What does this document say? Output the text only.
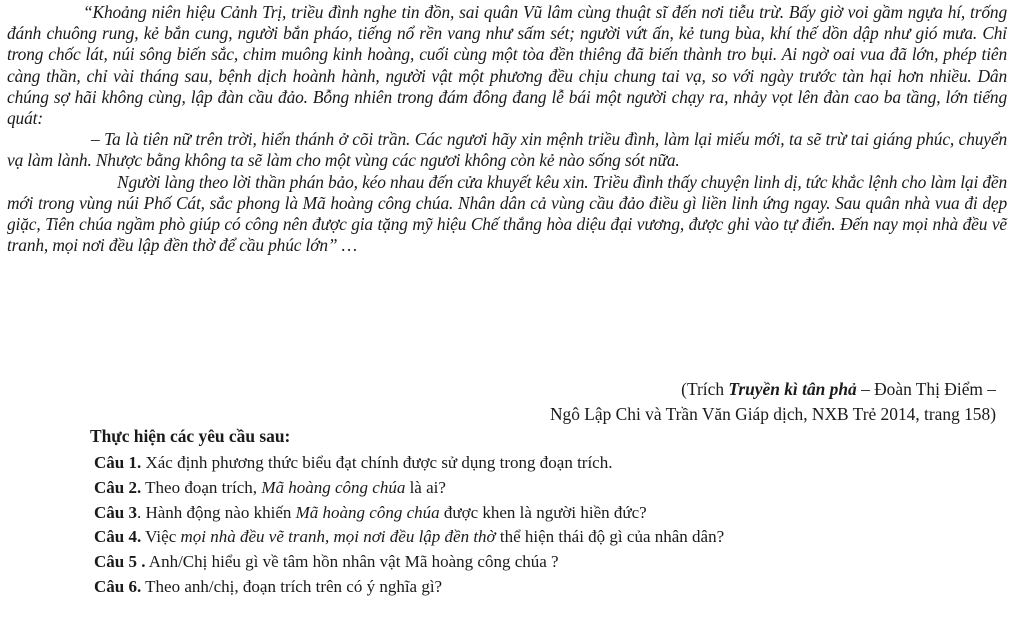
“Khoảng niên hiệu Cảnh Trị, triều đình nghe tin đồn, sai quân Vũ lâm cùng thuật sĩ đến nơi tiễu trừ. Bấy giờ voi gầm ngựa hí, trống đánh chuông rung, kẻ bắn cung, người bắn pháo, tiếng nổ rền vang như sấm sét; người vứt ấn, kẻ tung bùa, khí thế dồn dập như gió mưa. Chỉ trong chốc lát, núi sông biến sắc, chim muông kinh hoàng, cuối cùng một tòa đền thiêng đã biến thành tro bụi. Ai ngờ oai vua đã lớn, phép tiên càng thần, chỉ vài tháng sau, bệnh dịch hoành hành, người vật một phương đều chịu chung tai vạ, so với ngày trước tàn hại hơn nhiều. Dân chúng sợ hãi không cùng, lập đàn cầu đảo. Bỗng nhiên trong đám đông đang lễ bái một người chạy ra, nhảy vọt lên đàn cao ba tầng, lớn tiếng quát:

– Ta là tiên nữ trên trời, hiển thánh ở cõi trần. Các ngươi hãy xin mệnh triều đình, làm lại miếu mới, ta sẽ trừ tai giáng phúc, chuyển vạ làm lành. Nhược bằng không ta sẽ làm cho một vùng các ngươi không còn kẻ nào sống sót nữa.

Người làng theo lời thần phán bảo, kéo nhau đến cửa khuyết kêu xin. Triều đình thấy chuyện linh dị, tức khắc lệnh cho làm lại đền mới trong vùng núi Phố Cát, sắc phong là Mã hoàng công chúa. Nhân dân cả vùng cầu đảo điều gì liền linh ứng ngay. Sau quân nhà vua đi dẹp giặc, Tiên chúa ngầm phò giúp có công nên được gia tặng mỹ hiệu Chế thắng hòa diệu đại vương, được ghi vào tự điển. Đến nay mọi nhà đều vẽ tranh, mọi nơi đều lập đền thờ để cầu phúc lớn” …

(Trích Truyền kì tân phả – Đoàn Thị Điểm –
Ngô Lập Chi và Trần Văn Giáp dịch, NXB Trẻ 2014, trang 158)
Thực hiện các yêu cầu sau:
Câu 1. Xác định phương thức biểu đạt chính được sử dụng trong đoạn trích.
Câu 2. Theo đoạn trích, Mã hoàng công chúa là ai?
Câu 3. Hành động nào khiến Mã hoàng công chúa được khen là người hiền đức?
Câu 4. Việc mọi nhà đều vẽ tranh, mọi nơi đều lập đền thờ thể hiện thái độ gì của nhân dân?
Câu 5 . Anh/Chị hiểu gì về tâm hồn nhân vật Mã hoàng công chúa ?
Câu 6. Theo anh/chị, đoạn trích trên có ý nghĩa gì?
